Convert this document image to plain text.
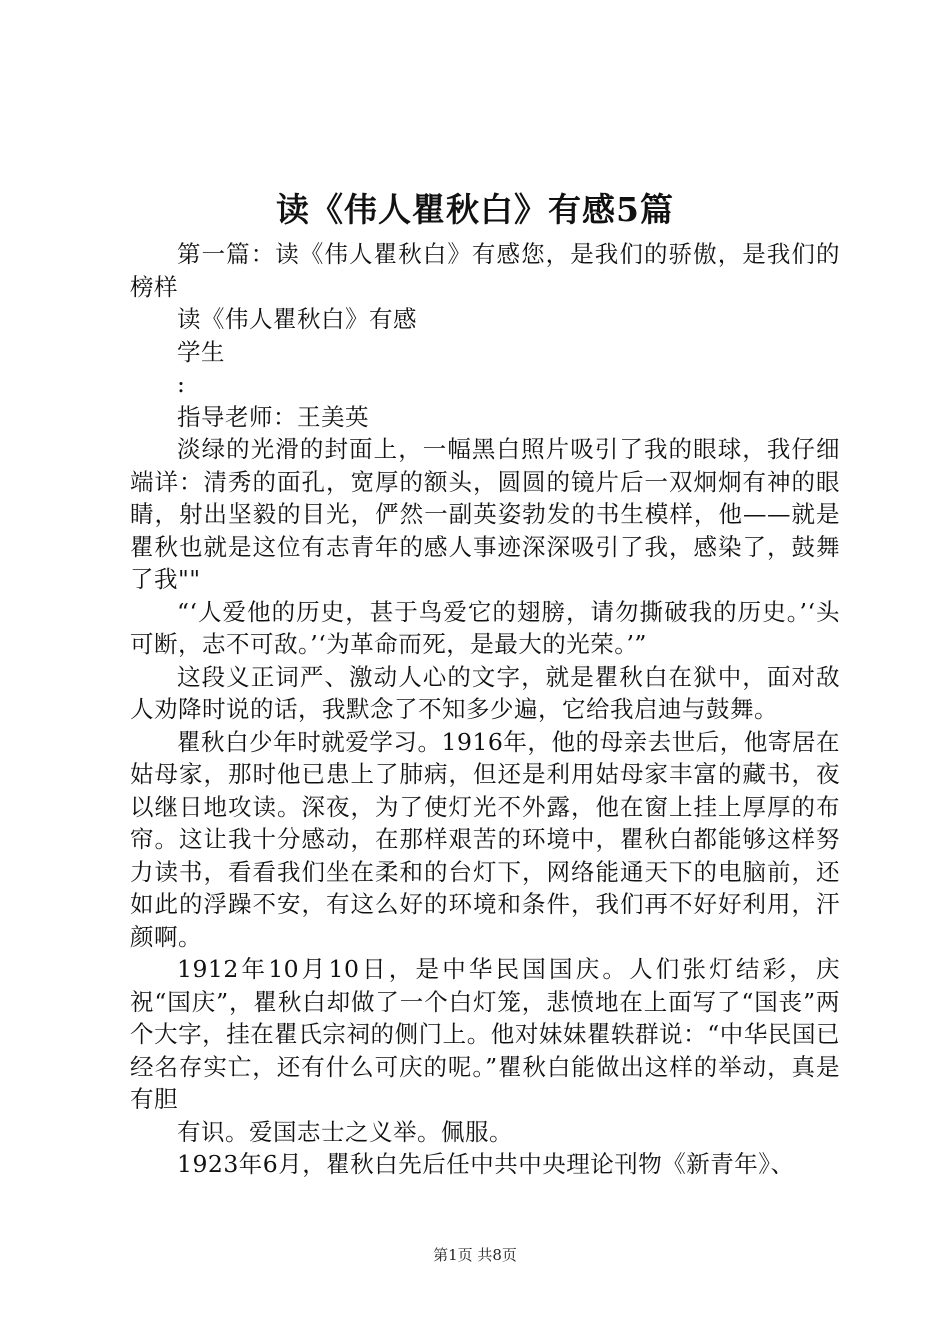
读《伟人瞿秋白》有感5篇

第一篇：读《伟人瞿秋白》有感您，是我们的骄傲，是我们的榜样

读《伟人瞿秋白》有感

学生

:

指导老师：王美英

淡绿的光滑的封面上，一幅黑白照片吸引了我的眼球，我仔细端详：清秀的面孔，宽厚的额头，圆圆的镜片后一双炯炯有神的眼睛，射出坚毅的目光，俨然一副英姿勃发的书生模样，他——就是瞿秋也就是这位有志青年的感人事迹深深吸引了我，感染了，鼓舞了我""

“‘人爱他的历史，甚于鸟爱它的翅膀，请勿撕破我的历史。’‘头可断，志不可敌。’‘为革命而死，是最大的光荣。’”

这段义正词严、激动人心的文字，就是瞿秋白在狱中，面对敌人劝降时说的话，我默念了不知多少遍，它给我启迪与鼓舞。

瞿秋白少年时就爱学习。1916年，他的母亲去世后，他寄居在姑母家，那时他已患上了肺病，但还是利用姑母家丰富的藏书，夜以继日地攻读。深夜，为了使灯光不外露，他在窗上挂上厚厚的布帘。这让我十分感动，在那样艰苦的环境中，瞿秋白都能够这样努力读书，看看我们坐在柔和的台灯下，网络能通天下的电脑前，还如此的浮躁不安，有这么好的环境和条件，我们再不好好利用，汗颜啊。

1912年10月10日，是中华民国国庆。人们张灯结彩，庆祝“国庆”，瞿秋白却做了一个白灯笼，悲愤地在上面写了“国丧”两个大字，挂在瞿氏宗祠的侧门上。他对妹妹瞿轶群说：“中华民国已经名存实亡，还有什么可庆的呢。”瞿秋白能做出这样的举动，真是有胆

有识。爱国志士之义举。佩服。

1923年6月，瞿秋白先后任中共中央理论刊物《新青年》、

第1页 共8页
